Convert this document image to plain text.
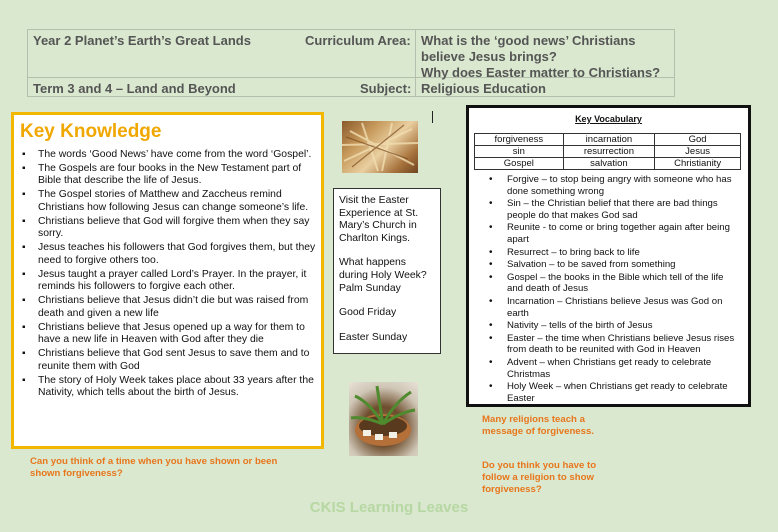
Year 2 Planet’s Earth’s Great Lands	Curriculum Area: What is the ‘good news’ Christians believe Jesus brings?
Why does Easter matter to Christians?
Term 3 and 4 – Land and Beyond	Subject: Religious Education
Key Knowledge
▪ The words ‘Good News’ have come from the word ‘Gospel’.
▪ The Gospels are four books in the New Testament part of Bible that describe the life of Jesus.
▪ The Gospel stories of Matthew and Zaccheus remind Christians how following Jesus can change someone’s life.
▪ Christians believe that God will forgive them when they say sorry.
▪ Jesus teaches his followers that God forgives them, but they need to forgive others too.
▪ Jesus taught a prayer called Lord’s Prayer. In the prayer, it reminds his followers to forgive each other.
▪ Christians believe that Jesus didn’t die but was raised from death and given a new life
▪ Christians believe that Jesus opened up a way for them to have a new life in Heaven with God after they die
▪ Christians believe that God sent Jesus to save them and to reunite them with God
▪ The story of Holy Week takes place about 33 years after the Nativity, which tells about the birth of Jesus.

Visit the Easter Experience at St. Mary’s Church in Charlton Kings.

What happens during Holy Week?
Palm Sunday

Good Friday

Easter Sunday

Key Vocabulary
forgiveness	incarnation	God
sin	resurrection	Jesus
Gospel	salvation	Christianity
• Forgive – to stop being angry with someone who has done something wrong
• Sin – the Christian belief that there are bad things people do that makes God sad
• Reunite - to come or bring together again after being apart
• Resurrect – to bring back to life
• Salvation – to be saved from something
• Gospel – the books in the Bible which tell of the life and death of Jesus
• Incarnation – Christians believe Jesus was God on earth
• Nativity – tells of the birth of Jesus
• Easter – the time when Christians believe Jesus rises from death to be reunited with God in Heaven
• Advent – when Christians get ready to celebrate Christmas
• Holy Week – when Christians get ready to celebrate Easter
Can you think of a time when you have shown or been shown forgiveness?
Many religions teach a message of forgiveness.
Do you think you have to follow a religion to show forgiveness?
CKIS Learning Leaves
